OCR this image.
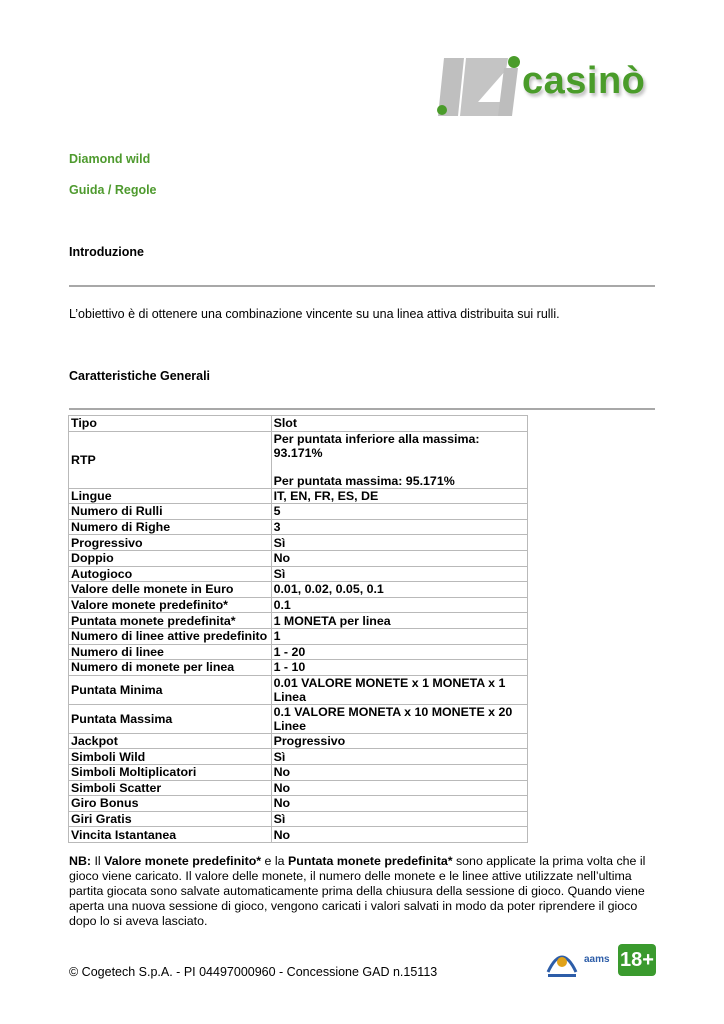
casinò
Diamond wild
Guida / Regole
Introduzione
L’obiettivo è di ottenere una combinazione vincente su una linea attiva distribuita sui rulli.
Caratteristiche Generali
Tipo	Slot
RTP	Per puntata inferiore alla massima: 93.171%
Per puntata massima: 95.171%

Lingue	IT, EN, FR, ES, DE
Numero di Rulli	5
Numero di Righe	3
Progressivo	Sì
Doppio	No
Autogioco	Sì
Valore delle monete in Euro	0.01, 0.02, 0.05, 0.1
Valore monete predefinito*	0.1
Puntata monete predefinita*	1 MONETA per linea
Numero di linee attive predefinito	1
Numero di linee	1 - 20
Numero di monete per linea	1 - 10
Puntata Minima	0.01 VALORE MONETE x 1 MONETA x 1 Linea
Puntata Massima	0.1 VALORE MONETA x 10 MONETE x 20 Linee
Jackpot	Progressivo
Simboli Wild	Sì
Simboli Moltiplicatori	No
Simboli Scatter	No
Giro Bonus	No
Giri Gratis	Sì
Vincita Istantanea	No
NB: Il Valore monete predefinito* e la Puntata monete predefinita* sono applicate la prima volta che il gioco viene caricato. Il valore delle monete, il numero delle monete e le linee attive utilizzate nell’ultima partita giocata sono salvate automaticamente prima della chiusura della sessione di gioco. Quando viene aperta una nuova sessione di gioco, vengono caricati i valori salvati in modo da poter riprendere il gioco dopo lo si aveva lasciato.
© Cogetech S.p.A. - PI 04497000960 - Concessione GAD n.15113
aams 18+
